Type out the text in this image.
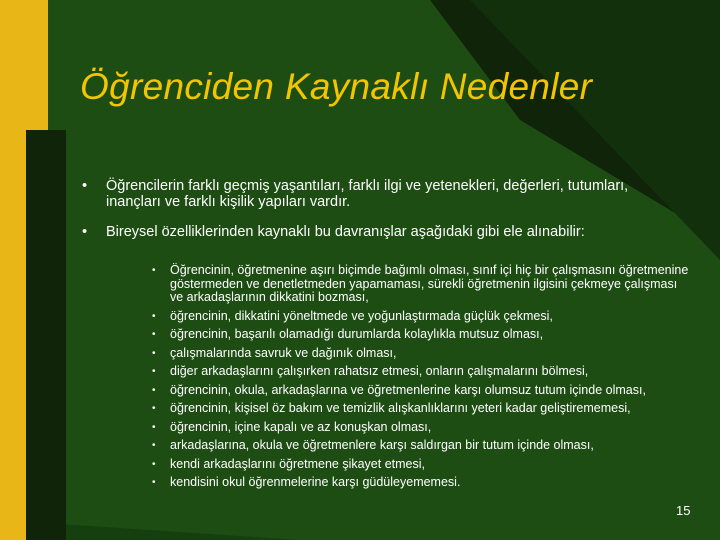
Öğrenciden Kaynaklı Nedenler
• Öğrencilerin farklı geçmiş yaşantıları, farklı ilgi ve yetenekleri, değerleri, tutumları, inançları ve farklı kişilik yapıları vardır.
• Bireysel özelliklerinden kaynaklı bu davranışlar aşağıdaki gibi ele alınabilir:
• Öğrencinin, öğretmenine aşırı biçimde bağımlı olması, sınıf içi hiç bir çalışmasını öğretmenine göstermeden ve denetletmeden yapamaması, sürekli öğretmenin ilgisini çekmeye çalışması ve arkadaşlarının dikkatini bozması,
• öğrencinin, dikkatini yöneltmede ve yoğunlaştırmada güçlük çekmesi,
• öğrencinin, başarılı olamadığı durumlarda kolaylıkla mutsuz olması,
• çalışmalarında savruk ve dağınık olması,
• diğer arkadaşlarını çalışırken rahatsız etmesi, onların çalışmalarını bölmesi,
• öğrencinin, okula, arkadaşlarına ve öğretmenlerine karşı olumsuz tutum içinde olması,
• öğrencinin, kişisel öz bakım ve temizlik alışkanlıklarını yeteri kadar geliştirememesi,
• öğrencinin, içine kapalı ve az konuşkan olması,
• arkadaşlarına, okula ve öğretmenlere karşı saldırgan bir tutum içinde olması,
• kendi arkadaşlarını öğretmene şikayet etmesi,
• kendisini okul öğrenmelerine karşı güdüleyememesi.
15
